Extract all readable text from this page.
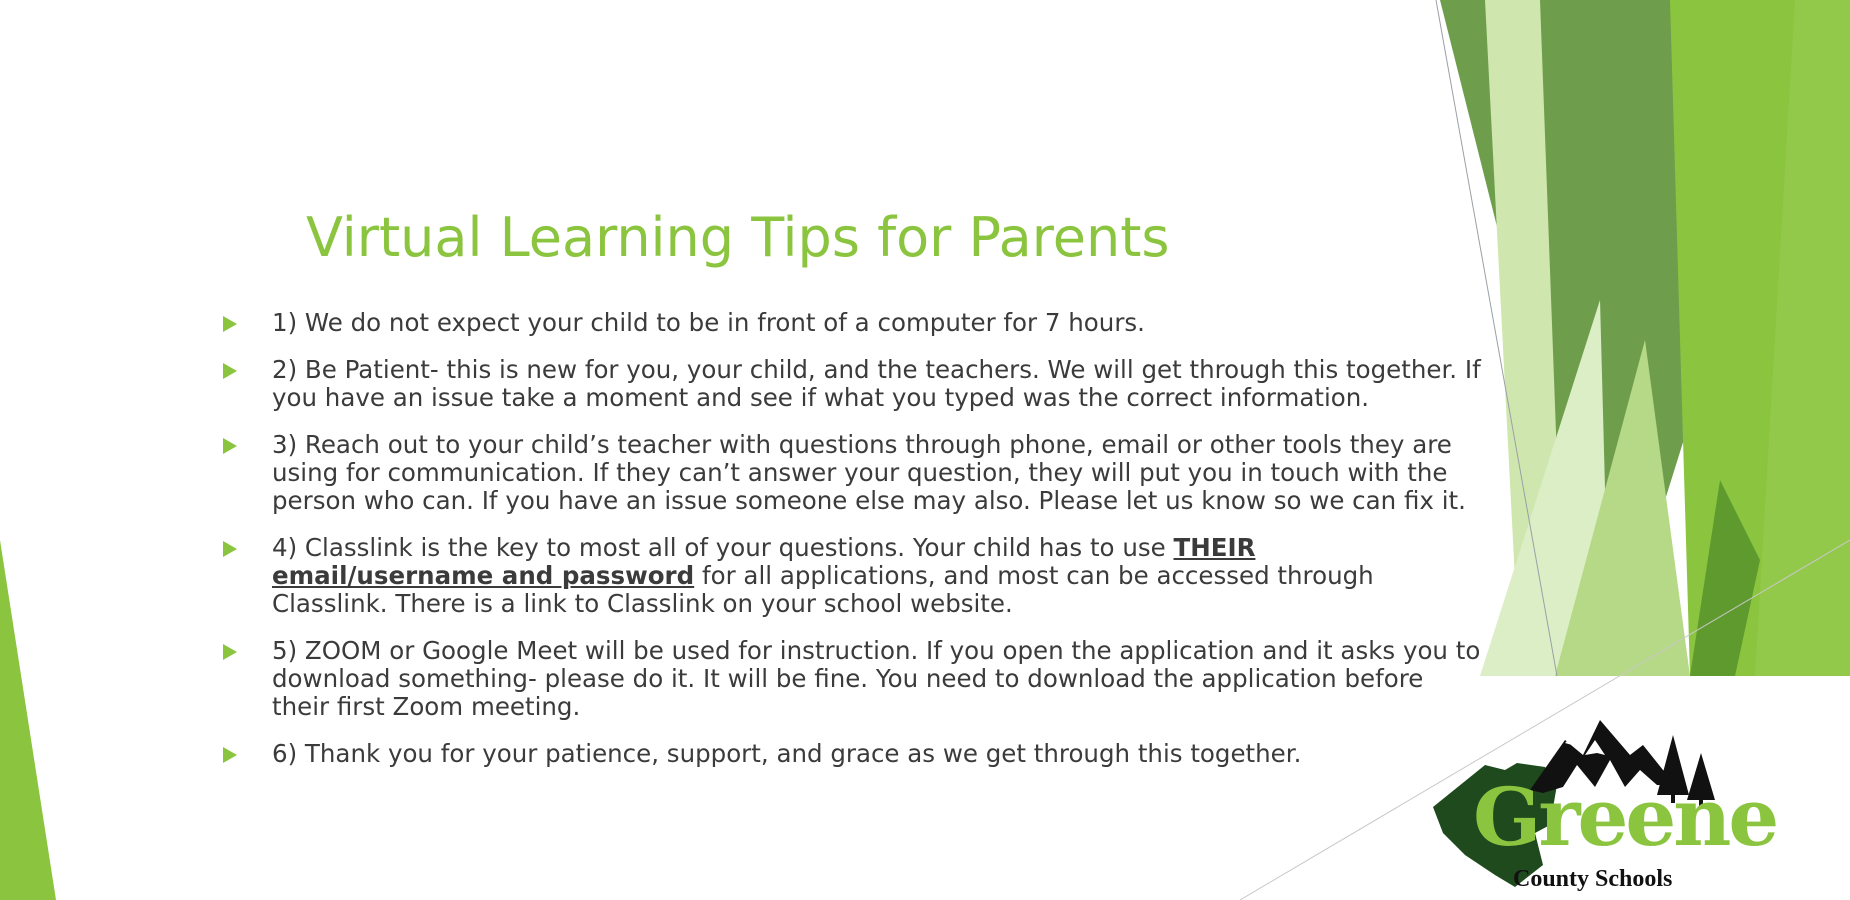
Virtual Learning Tips for Parents
1) We do not expect your child to be in front of a computer for 7 hours.
2) Be Patient- this is new for you, your child, and the teachers. We will get through this together. If you have an issue take a moment and see if what you typed was the correct information.
3) Reach out to your child’s teacher with questions through phone, email or other tools they are using for communication. If they can’t answer your question, they will put you in touch with the person who can. If you have an issue someone else may also. Please let us know so we can fix it.
4) Classlink is the key to most all of your questions. Your child has to use THEIR email/username and password for all applications, and most can be accessed through Classlink. There is a link to Classlink on your school website.
5) ZOOM or Google Meet will be used for instruction. If you open the application and it asks you to download something- please do it. It will be fine. You need to download the application before their first Zoom meeting.
6) Thank you for your patience, support, and grace as we get through this together.
Greene
County Schools
